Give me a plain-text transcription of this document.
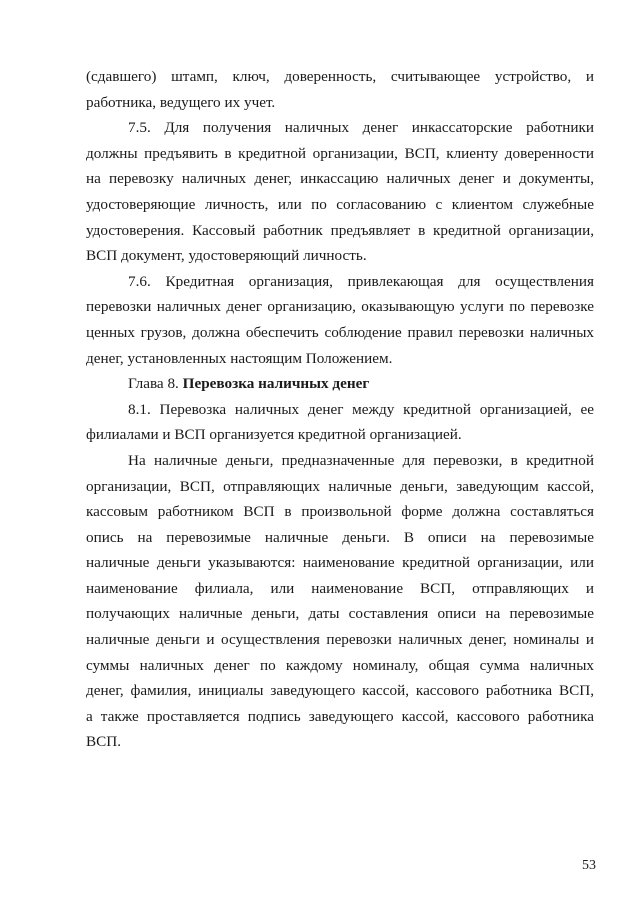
(сдавшего) штамп, ключ, доверенность, считывающее устройство, и
работника, ведущего их учет.

7.5. Для получения наличных денег инкассаторские работники
должны предъявить в кредитной организации, ВСП, клиенту доверенности
на перевозку наличных денег, инкассацию наличных денег и документы,
удостоверяющие личность, или по согласованию с клиентом служебные
удостоверения. Кассовый работник предъявляет в кредитной организации,
ВСП документ, удостоверяющий личность.

7.6. Кредитная организация, привлекающая для осуществления
перевозки наличных денег организацию, оказывающую услуги по перевозке
ценных грузов, должна обеспечить соблюдение правил перевозки наличных
денег, установленных настоящим Положением.

Глава 8. Перевозка наличных денег

8.1. Перевозка наличных денег между кредитной организацией, ее
филиалами и ВСП организуется кредитной организацией.

На наличные деньги, предназначенные для перевозки, в кредитной
организации, ВСП, отправляющих наличные деньги, заведующим кассой,
кассовым работником ВСП в произвольной форме должна составляться
опись на перевозимые наличные деньги. В описи на перевозимые
наличные деньги указываются: наименование кредитной организации, или
наименование филиала, или наименование ВСП, отправляющих и
получающих наличные деньги, даты составления описи на перевозимые
наличные деньги и осуществления перевозки наличных денег, номиналы и
суммы наличных денег по каждому номиналу, общая сумма наличных
денег, фамилия, инициалы заведующего кассой, кассового работника ВСП,
а также проставляется подпись заведующего кассой, кассового работника
ВСП.

53
